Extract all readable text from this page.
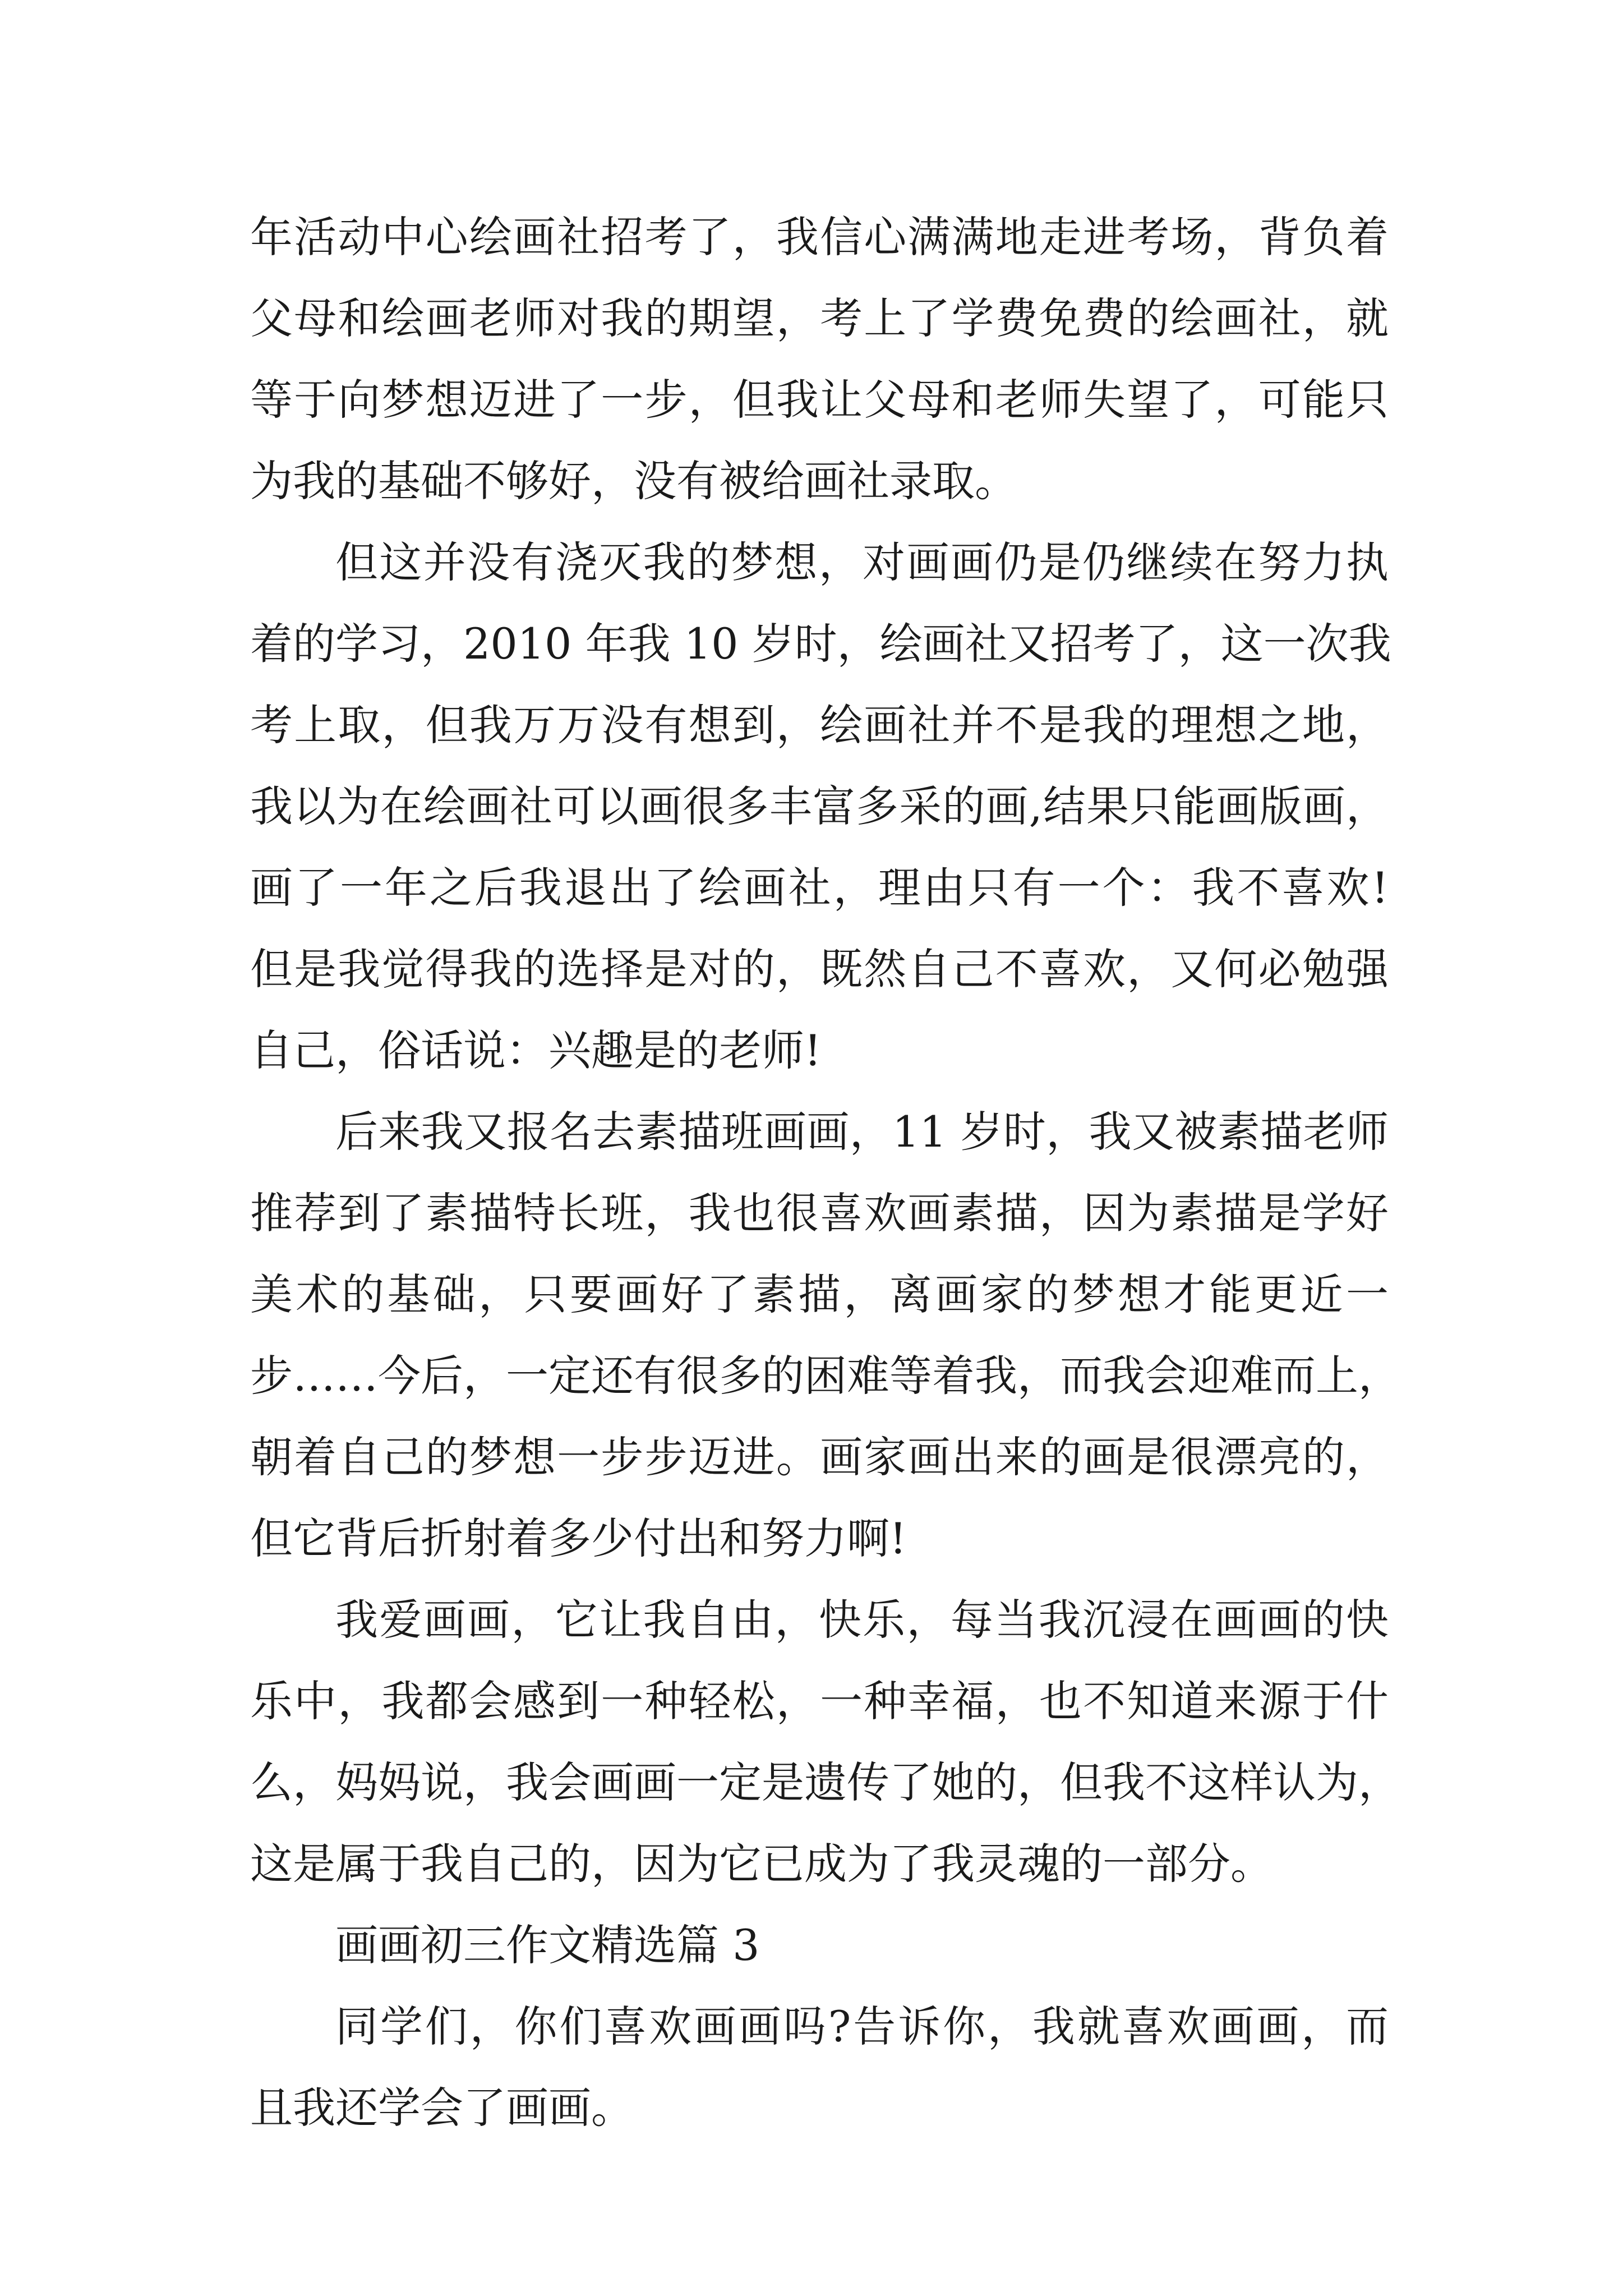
年活动中心绘画社招考了，我信心满满地走进考场，背负着
父母和绘画老师对我的期望，考上了学费免费的绘画社，就
等于向梦想迈进了一步，但我让父母和老师失望了，可能只
为我的基础不够好，没有被给画社录取。
但这并没有浇灭我的梦想，对画画仍是仍继续在努力执
着的学习，2010 年我 10 岁时，绘画社又招考了，这一次我
考上取，但我万万没有想到，绘画社并不是我的理想之地，
我以为在绘画社可以画很多丰富多采的画,结果只能画版画，
画了一年之后我退出了绘画社，理由只有一个：我不喜欢!
但是我觉得我的选择是对的，既然自己不喜欢，又何必勉强
自己，俗话说：兴趣是的老师!
后来我又报名去素描班画画，11 岁时，我又被素描老师
推荐到了素描特长班，我也很喜欢画素描，因为素描是学好
美术的基础，只要画好了素描，离画家的梦想才能更近一
步……今后，一定还有很多的困难等着我，而我会迎难而上，
朝着自己的梦想一步步迈进。画家画出来的画是很漂亮的，
但它背后折射着多少付出和努力啊!
我爱画画，它让我自由，快乐，每当我沉浸在画画的快
乐中，我都会感到一种轻松，一种幸福，也不知道来源于什
么，妈妈说，我会画画一定是遗传了她的，但我不这样认为，
这是属于我自己的，因为它已成为了我灵魂的一部分。
画画初三作文精选篇 3
同学们，你们喜欢画画吗?告诉你，我就喜欢画画，而
且我还学会了画画。
